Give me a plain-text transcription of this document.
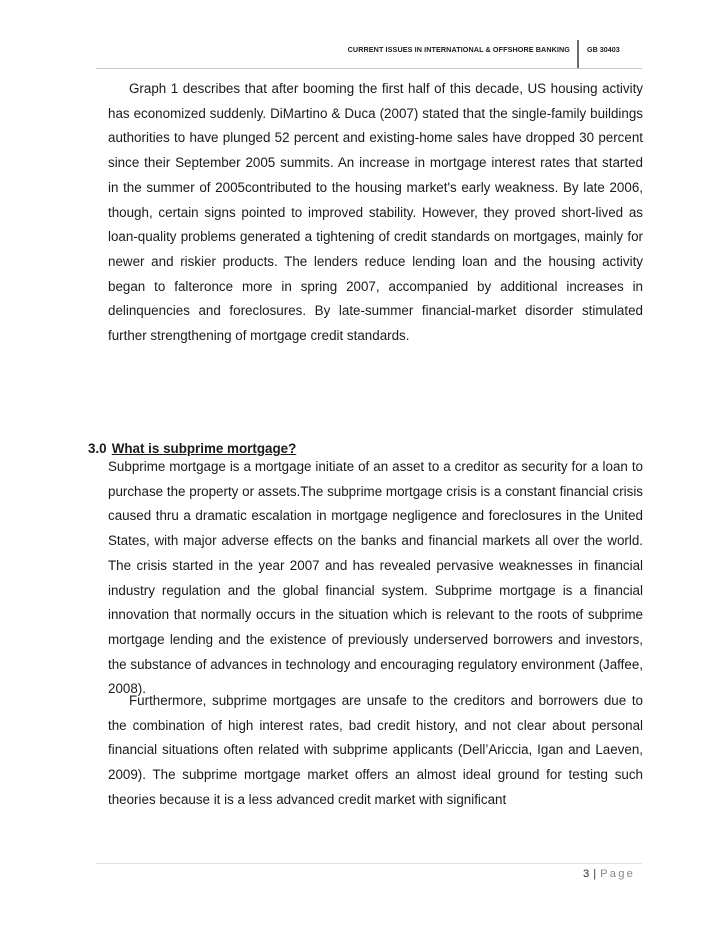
CURRENT ISSUES IN INTERNATIONAL & OFFSHORE BANKING GB 30403

Graph 1 describes that after booming the first half of this decade, US housing activity has economized suddenly. DiMartino & Duca (2007) stated that the single-family buildings authorities to have plunged 52 percent and existing-home sales have dropped 30 percent since their September 2005 summits. An increase in mortgage interest rates that started in the summer of 2005contributed to the housing market's early weakness. By late 2006, though, certain signs pointed to improved stability. However, they proved short-lived as loan-quality problems generated a tightening of credit standards on mortgages, mainly for newer and riskier products. The lenders reduce lending loan and the housing activity began to falteronce more in spring 2007, accompanied by additional increases in delinquencies and foreclosures. By late-summer financial-market disorder stimulated further strengthening of mortgage credit standards.

3.0 What is subprime mortgage?

Subprime mortgage is a mortgage initiate of an asset to a creditor as security for a loan to purchase the property or assets.The subprime mortgage crisis is a constant financial crisis caused thru a dramatic escalation in mortgage negligence and foreclosures in the United States, with major adverse effects on the banks and financial markets all over the world. The crisis started in the year 2007 and has revealed pervasive weaknesses in financial industry regulation and the global financial system. Subprime mortgage is a financial innovation that normally occurs in the situation which is relevant to the roots of subprime mortgage lending and the existence of previously underserved borrowers and investors, the substance of advances in technology and encouraging regulatory environment (Jaffee, 2008).

Furthermore, subprime mortgages are unsafe to the creditors and borrowers due to the combination of high interest rates, bad credit history, and not clear about personal financial situations often related with subprime applicants (Dell’Ariccia, Igan and Laeven, 2009). The subprime mortgage market offers an almost ideal ground for testing such theories because it is a less advanced credit market with significant

3 | Page
